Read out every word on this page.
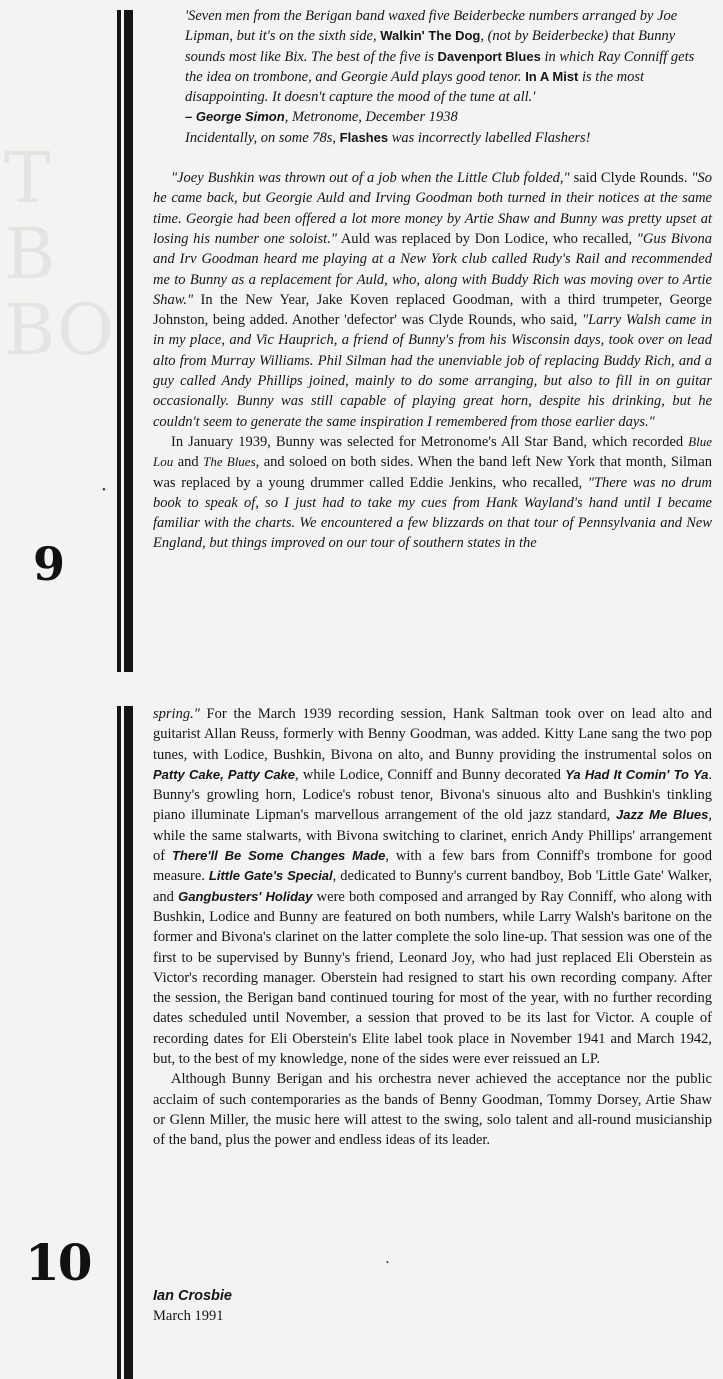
T
B
BO
9
•

'Seven men from the Berigan band waxed five Beiderbecke numbers arranged by Joe Lipman, but it's on the sixth side, Walkin' The Dog, (not by Beiderbecke) that Bunny sounds most like Bix. The best of the five is Davenport Blues in which Ray Conniff gets the idea on trombone, and Georgie Auld plays good tenor. In A Mist is the most disappointing. It doesn't capture the mood of the tune at all.'

– George Simon, Metronome, December 1938

Incidentally, on some 78s, Flashes was incorrectly labelled Flashers!

"Joey Bushkin was thrown out of a job when the Little Club folded," said Clyde Rounds. "So he came back, but Georgie Auld and Irving Goodman both turned in their notices at the same time. Georgie had been offered a lot more money by Artie Shaw and Bunny was pretty upset at losing his number one soloist." Auld was replaced by Don Lodice, who recalled, "Gus Bivona and Irv Goodman heard me playing at a New York club called Rudy's Rail and recommended me to Bunny as a replacement for Auld, who, along with Buddy Rich was moving over to Artie Shaw." In the New Year, Jake Koven replaced Goodman, with a third trumpeter, George Johnston, being added. Another 'defector' was Clyde Rounds, who said, "Larry Walsh came in in my place, and Vic Hauprich, a friend of Bunny's from his Wisconsin days, took over on lead alto from Murray Williams. Phil Silman had the unenviable job of replacing Buddy Rich, and a guy called Andy Phillips joined, mainly to do some arranging, but also to fill in on guitar occasionally. Bunny was still capable of playing great horn, despite his drinking, but he couldn't seem to generate the same inspiration I remembered from those earlier days."

In January 1939, Bunny was selected for Metronome's All Star Band, which recorded Blue Lou and The Blues, and soloed on both sides. When the band left New York that month, Silman was replaced by a young drummer called Eddie Jenkins, who recalled, "There was no drum book to speak of, so I just had to take my cues from Hank Wayland's hand until I became familiar with the charts. We encountered a few blizzards on that tour of Pennsylvania and New England, but things improved on our tour of southern states in the

10

spring." For the March 1939 recording session, Hank Saltman took over on lead alto and guitarist Allan Reuss, formerly with Benny Goodman, was added. Kitty Lane sang the two pop tunes, with Lodice, Bushkin, Bivona on alto, and Bunny providing the instrumental solos on Patty Cake, Patty Cake, while Lodice, Conniff and Bunny decorated Ya Had It Comin' To Ya. Bunny's growling horn, Lodice's robust tenor, Bivona's sinuous alto and Bushkin's tinkling piano illuminate Lipman's marvellous arrangement of the old jazz standard, Jazz Me Blues, while the same stalwarts, with Bivona switching to clarinet, enrich Andy Phillips' arrangement of There'll Be Some Changes Made, with a few bars from Conniff's trombone for good measure. Little Gate's Special, dedicated to Bunny's current bandboy, Bob 'Little Gate' Walker, and Gangbusters' Holiday were both composed and arranged by Ray Conniff, who along with Bushkin, Lodice and Bunny are featured on both numbers, while Larry Walsh's baritone on the former and Bivona's clarinet on the latter complete the solo line-up. That session was one of the first to be supervised by Bunny's friend, Leonard Joy, who had just replaced Eli Oberstein as Victor's recording manager. Oberstein had resigned to start his own recording company. After the session, the Berigan band continued touring for most of the year, with no further recording dates scheduled until November, a session that proved to be its last for Victor. A couple of recording dates for Eli Oberstein's Elite label took place in November 1941 and March 1942, but, to the best of my knowledge, none of the sides were ever reissued an LP.

Although Bunny Berigan and his orchestra never achieved the acceptance nor the public acclaim of such contemporaries as the bands of Benny Goodman, Tommy Dorsey, Artie Shaw or Glenn Miller, the music here will attest to the swing, solo talent and all-round musicianship of the band, plus the power and endless ideas of its leader.

Ian Crosbie
March 1991
•
